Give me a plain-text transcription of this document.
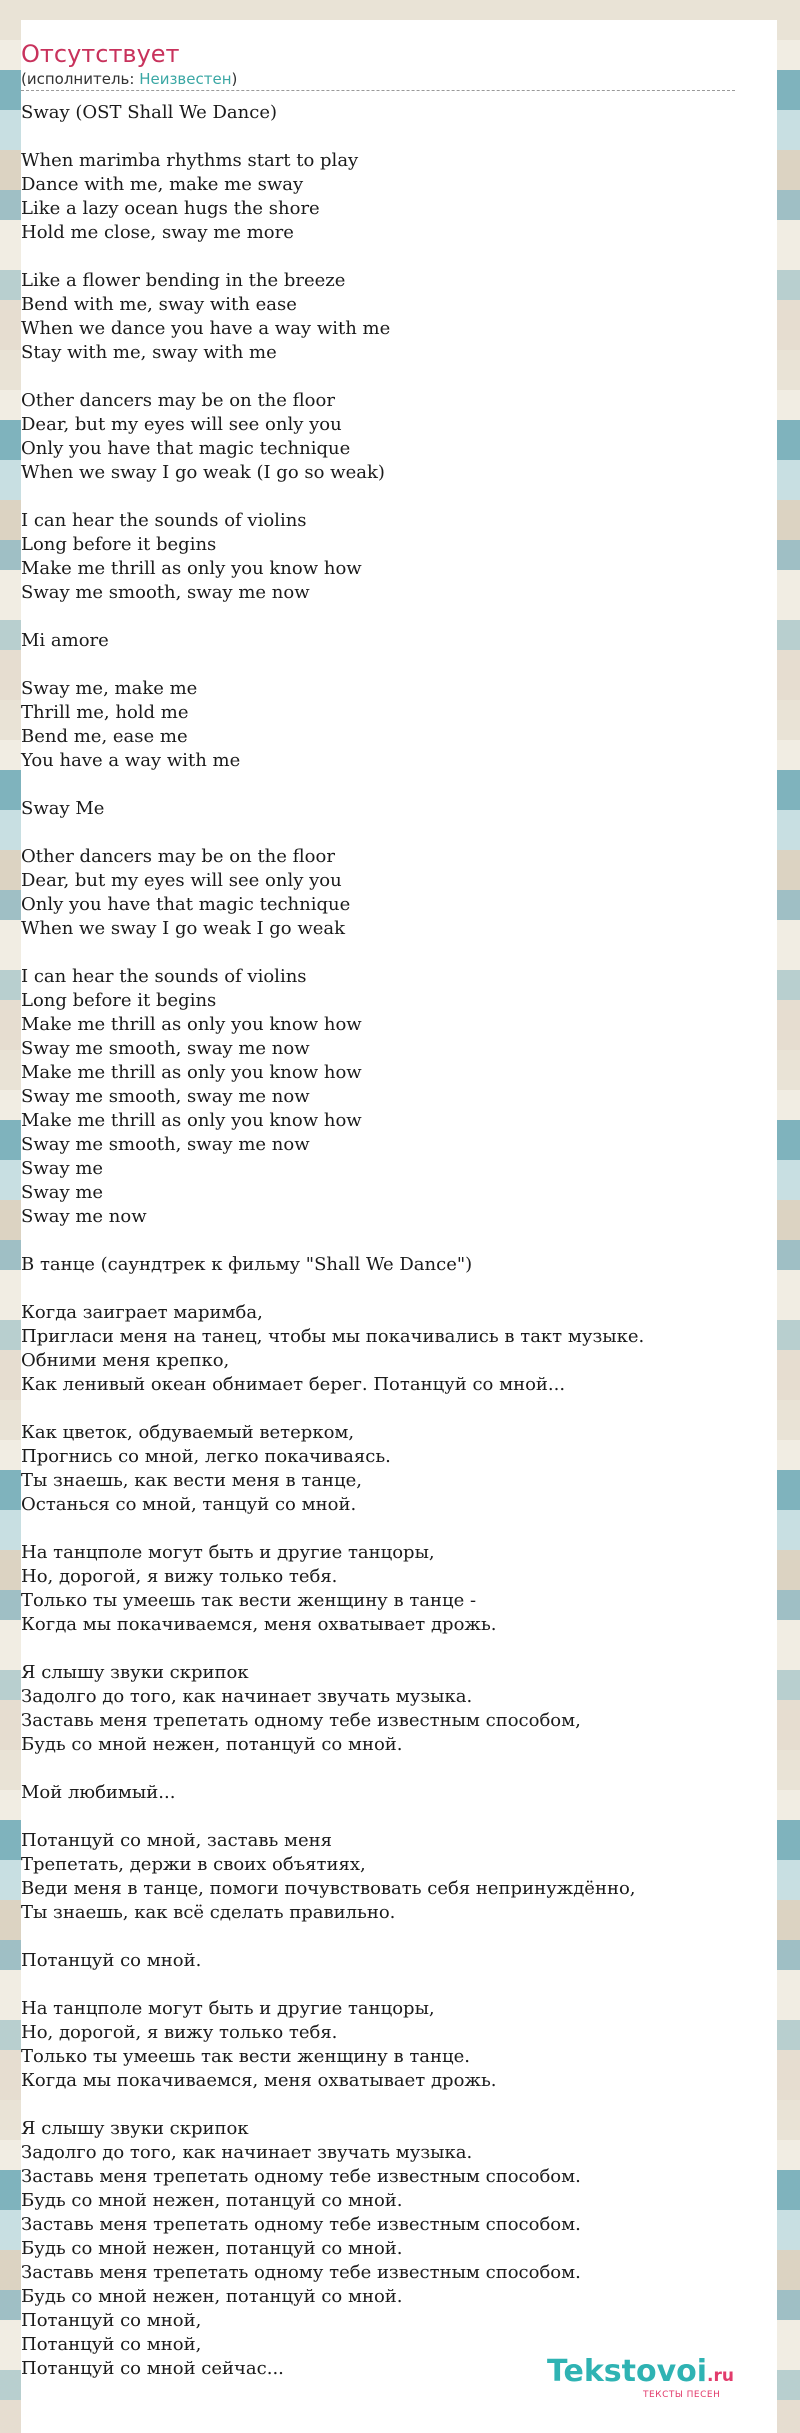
Отсутствует
(исполнитель: Неизвестен)
Sway (OST Shall We Dance)
When marimba rhythms start to play
Dance with me, make me sway
Like a lazy ocean hugs the shore
Hold me close, sway me more
Like a flower bending in the breeze
Bend with me, sway with ease
When we dance you have a way with me
Stay with me, sway with me
Other dancers may be on the floor
Dear, but my eyes will see only you
Only you have that magic technique
When we sway I go weak (I go so weak)
I can hear the sounds of violins
Long before it begins
Make me thrill as only you know how
Sway me smooth, sway me now
Mi amore
Sway me, make me
Thrill me, hold me
Bend me, ease me
You have a way with me
Sway Me
Other dancers may be on the floor
Dear, but my eyes will see only you
Only you have that magic technique
When we sway I go weak I go weak
I can hear the sounds of violins
Long before it begins
Make me thrill as only you know how
Sway me smooth, sway me now
Make me thrill as only you know how
Sway me smooth, sway me now
Make me thrill as only you know how
Sway me smooth, sway me now
Sway me
Sway me
Sway me now
В танце (саундтрек к фильму "Shall We Dance")
Когда заиграет маримба,
Пригласи меня на танец, чтобы мы покачивались в такт музыке.
Обними меня крепко,
Как ленивый океан обнимает берег. Потанцуй со мной...
Как цветок, обдуваемый ветерком,
Прогнись со мной, легко покачиваясь.
Ты знаешь, как вести меня в танце,
Останься со мной, танцуй со мной.
На танцполе могут быть и другие танцоры,
Но, дорогой, я вижу только тебя.
Только ты умеешь так вести женщину в танце -
Когда мы покачиваемся, меня охватывает дрожь.
Я слышу звуки скрипок
Задолго до того, как начинает звучать музыка.
Заставь меня трепетать одному тебе известным способом,
Будь со мной нежен, потанцуй со мной.
Мой любимый...
Потанцуй со мной, заставь меня
Трепетать, держи в своих объятиях,
Веди меня в танце, помоги почувствовать себя непринуждённо,
Ты знаешь, как всё сделать правильно.
Потанцуй со мной.
На танцполе могут быть и другие танцоры,
Но, дорогой, я вижу только тебя.
Только ты умеешь так вести женщину в танце.
Когда мы покачиваемся, меня охватывает дрожь.
Я слышу звуки скрипок
Задолго до того, как начинает звучать музыка.
Заставь меня трепетать одному тебе известным способом.
Будь со мной нежен, потанцуй со мной.
Заставь меня трепетать одному тебе известным способом.
Будь со мной нежен, потанцуй со мной.
Заставь меня трепетать одному тебе известным способом.
Будь со мной нежен, потанцуй со мной.
Потанцуй со мной,
Потанцуй со мной,
Потанцуй со мной сейчас...	Tekstovoi.ru
ТЕКСТЫ ПЕСЕН
